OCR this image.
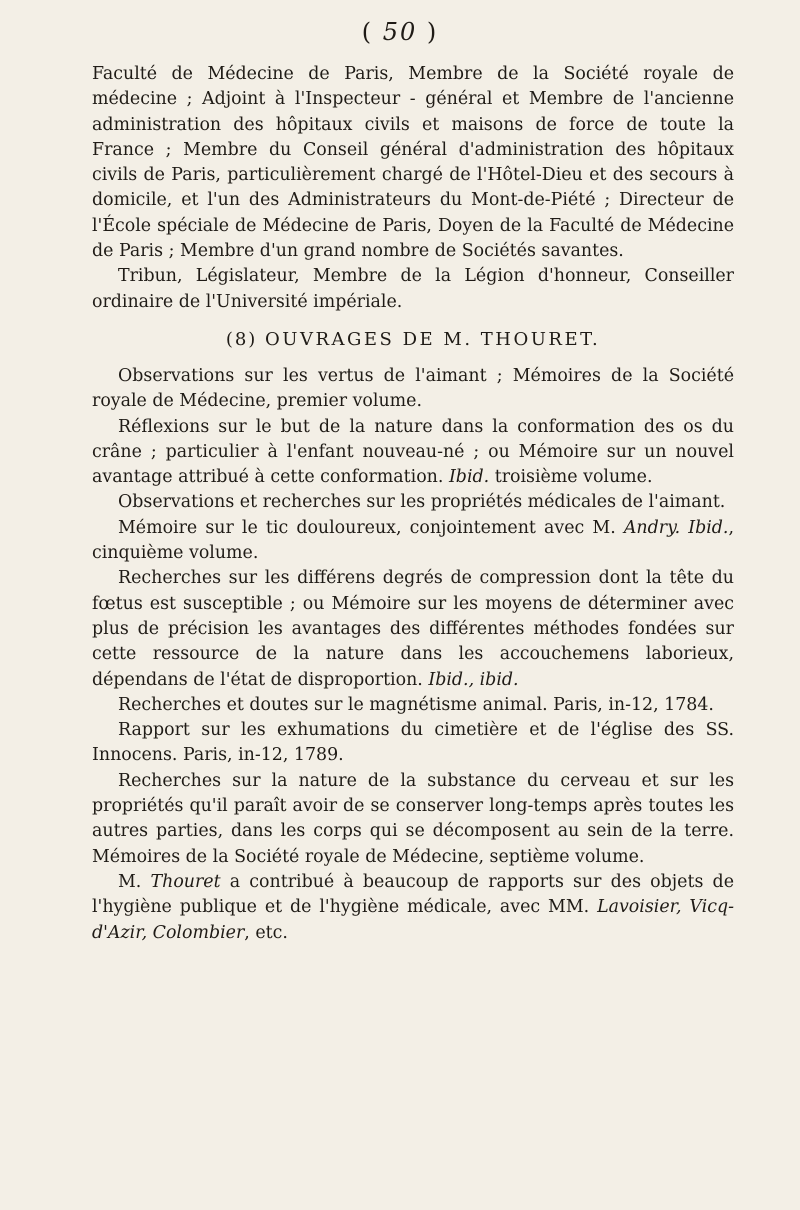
( 50 )

Faculté de Médecine de Paris, Membre de la Société royale de médecine ; Adjoint à l'Inspecteur - général et Membre de l'ancienne administration des hôpitaux civils et maisons de force de toute la France ; Membre du Conseil général d'administration des hôpitaux civils de Paris, particulièrement chargé de l'Hôtel-Dieu et des secours à domicile, et l'un des Administrateurs du Mont-de-Piété ; Directeur de l'École spéciale de Médecine de Paris, Doyen de la Faculté de Médecine de Paris ; Membre d'un grand nombre de Sociétés savantes.

Tribun, Législateur, Membre de la Légion d'honneur, Conseiller ordinaire de l'Université impériale.

(8) OUVRAGES DE M. THOURET.

Observations sur les vertus de l'aimant ; Mémoires de la Société royale de Médecine, premier volume.

Réflexions sur le but de la nature dans la conformation des os du crâne ; particulier à l'enfant nouveau-né ; ou Mémoire sur un nouvel avantage attribué à cette conformation. Ibid. troisième volume.

Observations et recherches sur les propriétés médicales de l'aimant.

Mémoire sur le tic douloureux, conjointement avec M. Andry. Ibid., cinquième volume.

Recherches sur les différens degrés de compression dont la tête du fœtus est susceptible ; ou Mémoire sur les moyens de déterminer avec plus de précision les avantages des différentes méthodes fondées sur cette ressource de la nature dans les accouchemens laborieux, dépendans de l'état de disproportion. Ibid., ibid.

Recherches et doutes sur le magnétisme animal. Paris, in-12, 1784.

Rapport sur les exhumations du cimetière et de l'église des SS. Innocens. Paris, in-12, 1789.

Recherches sur la nature de la substance du cerveau et sur les propriétés qu'il paraît avoir de se conserver long-temps après toutes les autres parties, dans les corps qui se décomposent au sein de la terre. Mémoires de la Société royale de Médecine, septième volume.

M. Thouret a contribué à beaucoup de rapports sur des objets de l'hygiène publique et de l'hygiène médicale, avec MM. Lavoisier, Vicq-d'Azir, Colombier, etc.
